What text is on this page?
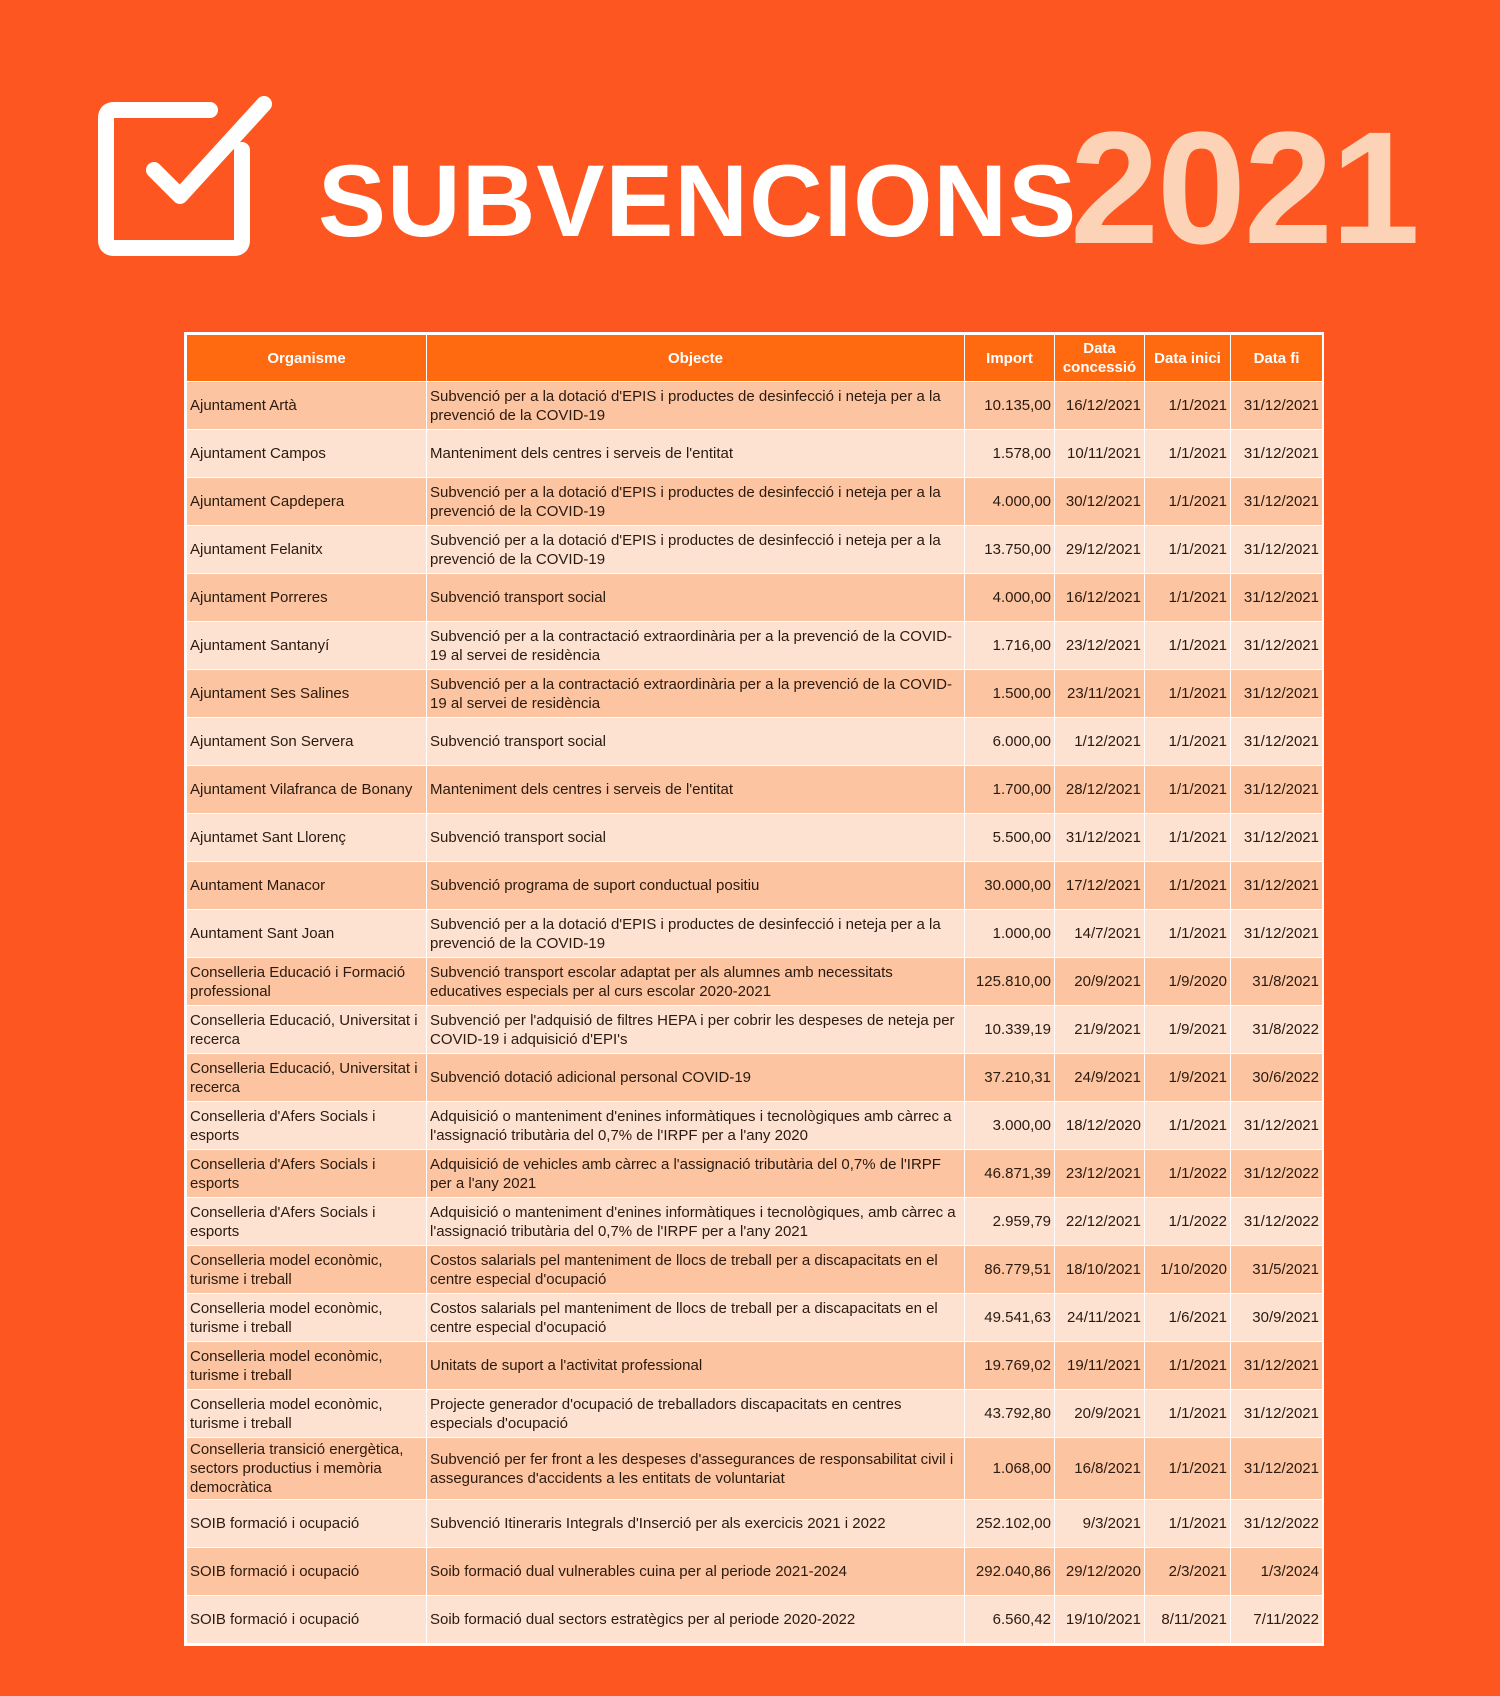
SUBVENCIONS
2021
Organisme	Objecte	Import	Data concessió	Data inici	Data fi
Ajuntament Artà	Subvenció per a la dotació d'EPIS i productes de desinfecció i neteja per a la prevenció de la COVID-19	10.135,00	16/12/2021	1/1/2021	31/12/2021
Ajuntament Campos	Manteniment dels centres i serveis de l'entitat	1.578,00	10/11/2021	1/1/2021	31/12/2021
Ajuntament Capdepera	Subvenció per a la dotació d'EPIS i productes de desinfecció i neteja per a la prevenció de la COVID-19	4.000,00	30/12/2021	1/1/2021	31/12/2021
Ajuntament Felanitx	Subvenció per a la dotació d'EPIS i productes de desinfecció i neteja per a la prevenció de la COVID-19	13.750,00	29/12/2021	1/1/2021	31/12/2021
Ajuntament Porreres	Subvenció transport social	4.000,00	16/12/2021	1/1/2021	31/12/2021
Ajuntament Santanyí	Subvenció per a la contractació extraordinària per a la prevenció de la COVID-19 al servei de residència	1.716,00	23/12/2021	1/1/2021	31/12/2021
Ajuntament Ses Salines	Subvenció per a la contractació extraordinària per a la prevenció de la COVID-19 al servei de residència	1.500,00	23/11/2021	1/1/2021	31/12/2021
Ajuntament Son Servera	Subvenció transport social	6.000,00	1/12/2021	1/1/2021	31/12/2021
Ajuntament Vilafranca de Bonany	Manteniment dels centres i serveis de l'entitat	1.700,00	28/12/2021	1/1/2021	31/12/2021
Ajuntamet Sant Llorenç	Subvenció transport social	5.500,00	31/12/2021	1/1/2021	31/12/2021
Auntament Manacor	Subvenció programa de suport conductual positiu	30.000,00	17/12/2021	1/1/2021	31/12/2021
Auntament Sant Joan	Subvenció per a la dotació d'EPIS i productes de desinfecció i neteja per a la prevenció de la COVID-19	1.000,00	14/7/2021	1/1/2021	31/12/2021
Conselleria Educació i Formació professional	Subvenció transport escolar adaptat per als alumnes amb necessitats educatives especials per al curs escolar 2020-2021	125.810,00	20/9/2021	1/9/2020	31/8/2021
Conselleria Educació, Universitat i recerca	Subvenció per l'adquisió de filtres HEPA i per cobrir les despeses de neteja per COVID-19 i adquisició d'EPI's	10.339,19	21/9/2021	1/9/2021	31/8/2022
Conselleria Educació, Universitat i recerca	Subvenció dotació adicional personal COVID-19	37.210,31	24/9/2021	1/9/2021	30/6/2022
Conselleria d'Afers Socials i esports	Adquisició o manteniment d'enines informàtiques i tecnològiques amb càrrec a l'assignació tributària del 0,7% de l'IRPF per a l'any 2020	3.000,00	18/12/2020	1/1/2021	31/12/2021
Conselleria d'Afers Socials i esports	Adquisició de vehicles amb càrrec a l'assignació tributària del 0,7% de l'IRPF per a l'any 2021	46.871,39	23/12/2021	1/1/2022	31/12/2022
Conselleria d'Afers Socials i esports	Adquisició o manteniment d'enines informàtiques i tecnològiques, amb càrrec a l'assignació tributària del 0,7% de l'IRPF per a l'any 2021	2.959,79	22/12/2021	1/1/2022	31/12/2022
Conselleria model econòmic, turisme i treball	Costos salarials pel manteniment de llocs de treball per a discapacitats en el centre especial d'ocupació	86.779,51	18/10/2021	1/10/2020	31/5/2021
Conselleria model econòmic, turisme i treball	Costos salarials pel manteniment de llocs de treball per a discapacitats en el centre especial d'ocupació	49.541,63	24/11/2021	1/6/2021	30/9/2021
Conselleria model econòmic, turisme i treball	Unitats de suport a l'activitat professional	19.769,02	19/11/2021	1/1/2021	31/12/2021
Conselleria model econòmic, turisme i treball	Projecte generador d'ocupació de treballadors discapacitats en centres especials d'ocupació	43.792,80	20/9/2021	1/1/2021	31/12/2021
Conselleria transició energètica, sectors productius i memòria democràtica	Subvenció per fer front a les despeses d'assegurances de responsabilitat civil i assegurances d'accidents a les entitats de voluntariat	1.068,00	16/8/2021	1/1/2021	31/12/2021
SOIB formació i ocupació	Subvenció Itineraris Integrals d'Inserció per als exercicis 2021 i 2022	252.102,00	9/3/2021	1/1/2021	31/12/2022
SOIB formació i ocupació	Soib formació dual vulnerables cuina per al periode 2021-2024	292.040,86	29/12/2020	2/3/2021	1/3/2024
SOIB formació i ocupació	Soib formació dual sectors estratègics per al periode 2020-2022	6.560,42	19/10/2021	8/11/2021	7/11/2022
